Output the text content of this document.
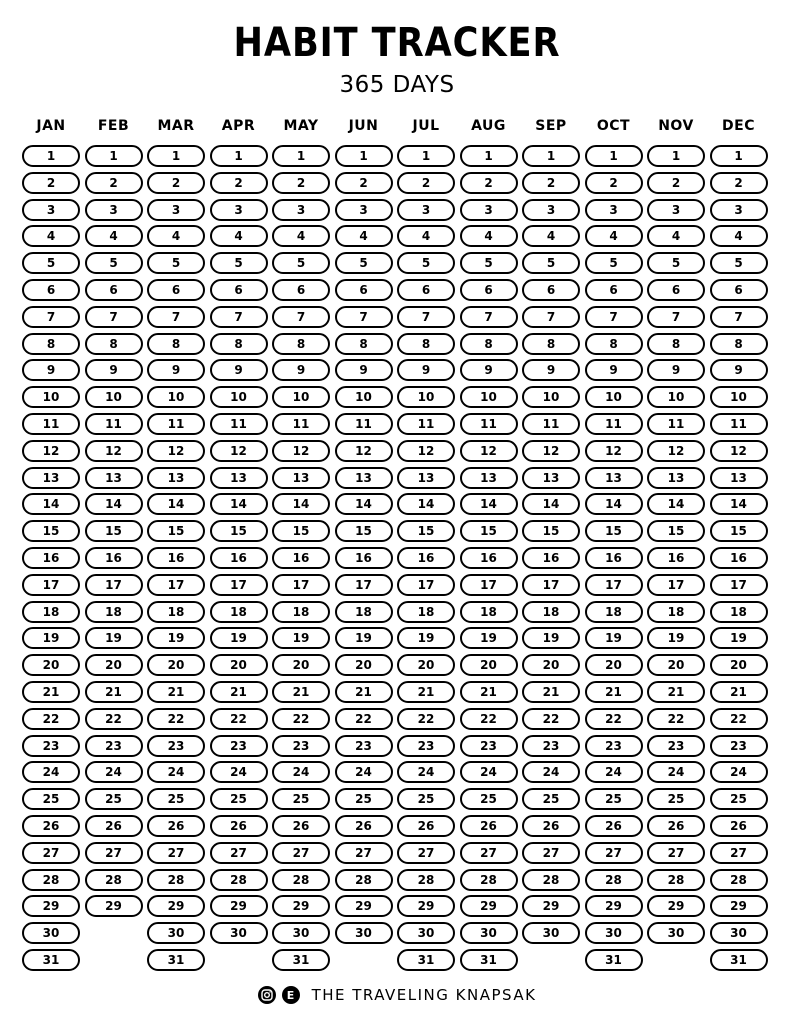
HABIT TRACKER
365 DAYS
JAN
1
2
3
4
5
6
7
8
9
10
11
12
13
14
15
16
17
18
19
20
21
22
23
24
25
26
27
28
29
30
31
FEB
1
2
3
4
5
6
7
8
9
10
11
12
13
14
15
16
17
18
19
20
21
22
23
24
25
26
27
28
29
MAR
1
2
3
4
5
6
7
8
9
10
11
12
13
14
15
16
17
18
19
20
21
22
23
24
25
26
27
28
29
30
31
APR
1
2
3
4
5
6
7
8
9
10
11
12
13
14
15
16
17
18
19
20
21
22
23
24
25
26
27
28
29
30
MAY
1
2
3
4
5
6
7
8
9
10
11
12
13
14
15
16
17
18
19
20
21
22
23
24
25
26
27
28
29
30
31
JUN
1
2
3
4
5
6
7
8
9
10
11
12
13
14
15
16
17
18
19
20
21
22
23
24
25
26
27
28
29
30
JUL
1
2
3
4
5
6
7
8
9
10
11
12
13
14
15
16
17
18
19
20
21
22
23
24
25
26
27
28
29
30
31
AUG
1
2
3
4
5
6
7
8
9
10
11
12
13
14
15
16
17
18
19
20
21
22
23
24
25
26
27
28
29
30
31
SEP
1
2
3
4
5
6
7
8
9
10
11
12
13
14
15
16
17
18
19
20
21
22
23
24
25
26
27
28
29
30
OCT
1
2
3
4
5
6
7
8
9
10
11
12
13
14
15
16
17
18
19
20
21
22
23
24
25
26
27
28
29
30
31
NOV
1
2
3
4
5
6
7
8
9
10
11
12
13
14
15
16
17
18
19
20
21
22
23
24
25
26
27
28
29
30
DEC
1
2
3
4
5
6
7
8
9
10
11
12
13
14
15
16
17
18
19
20
21
22
23
24
25
26
27
28
29
30
31
E	THE TRAVELING KNAPSAK
